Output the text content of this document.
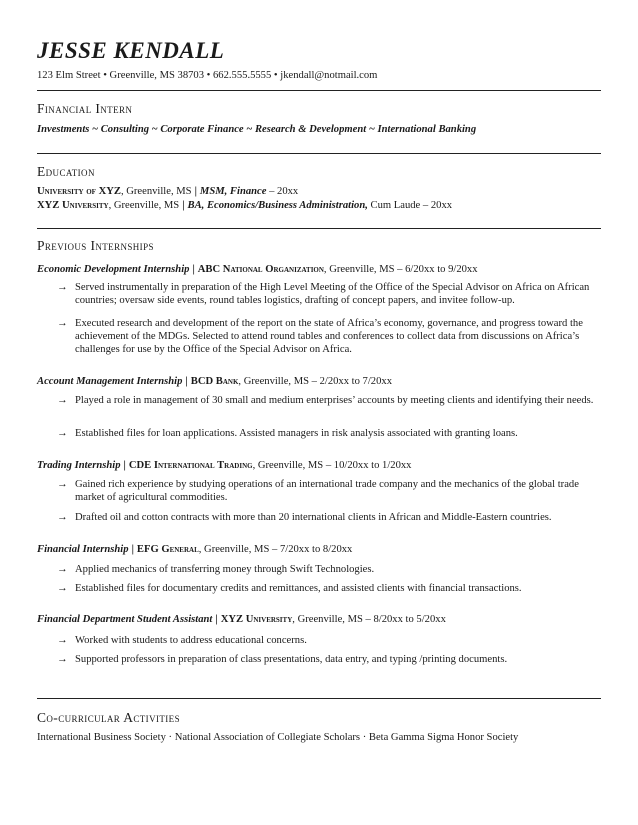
JESSE KENDALL
123 Elm Street • Greenville, MS 38703 • 662.555.5555 • jkendall@notmail.com
Financial Intern
Investments ~ Consulting ~ Corporate Finance ~ Research & Development ~ International Banking
Education
University of XYZ, Greenville, MS | MSM, Finance – 20xx
XYZ University, Greenville, MS | BA, Economics/Business Administration, Cum Laude – 20xx
Previous Internships
Economic Development Internship | ABC National Organization, Greenville, MS – 6/20xx to 9/20xx
→ Served instrumentally in preparation of the High Level Meeting of the Office of the Special Advisor on Africa on African countries; oversaw side events, round tables logistics, drafting of concept papers, and invitee follow-up.
→ Executed research and development of the report on the state of Africa’s economy, governance, and progress toward the achievement of the MDGs. Selected to attend round tables and conferences to collect data from discussions on Africa’s challenges for use by the Office of the Special Advisor on Africa.
Account Management Internship | BCD Bank, Greenville, MS – 2/20xx to 7/20xx
→ Played a role in management of 30 small and medium enterprises’ accounts by meeting clients and identifying their needs.
→ Established files for loan applications. Assisted managers in risk analysis associated with granting loans.
Trading Internship | CDE International Trading, Greenville, MS – 10/20xx to 1/20xx
→ Gained rich experience by studying operations of an international trade company and the mechanics of the global trade market of agricultural commodities.
→ Drafted oil and cotton contracts with more than 20 international clients in African and Middle-Eastern countries.
Financial Internship | EFG General, Greenville, MS – 7/20xx to 8/20xx
→ Applied mechanics of transferring money through Swift Technologies.
→ Established files for documentary credits and remittances, and assisted clients with financial transactions.
Financial Department Student Assistant | XYZ University, Greenville, MS – 8/20xx to 5/20xx
→ Worked with students to address educational concerns.
→ Supported professors in preparation of class presentations, data entry, and typing /printing documents.
Co-curricular Activities
International Business Society · National Association of Collegiate Scholars · Beta Gamma Sigma Honor Society
